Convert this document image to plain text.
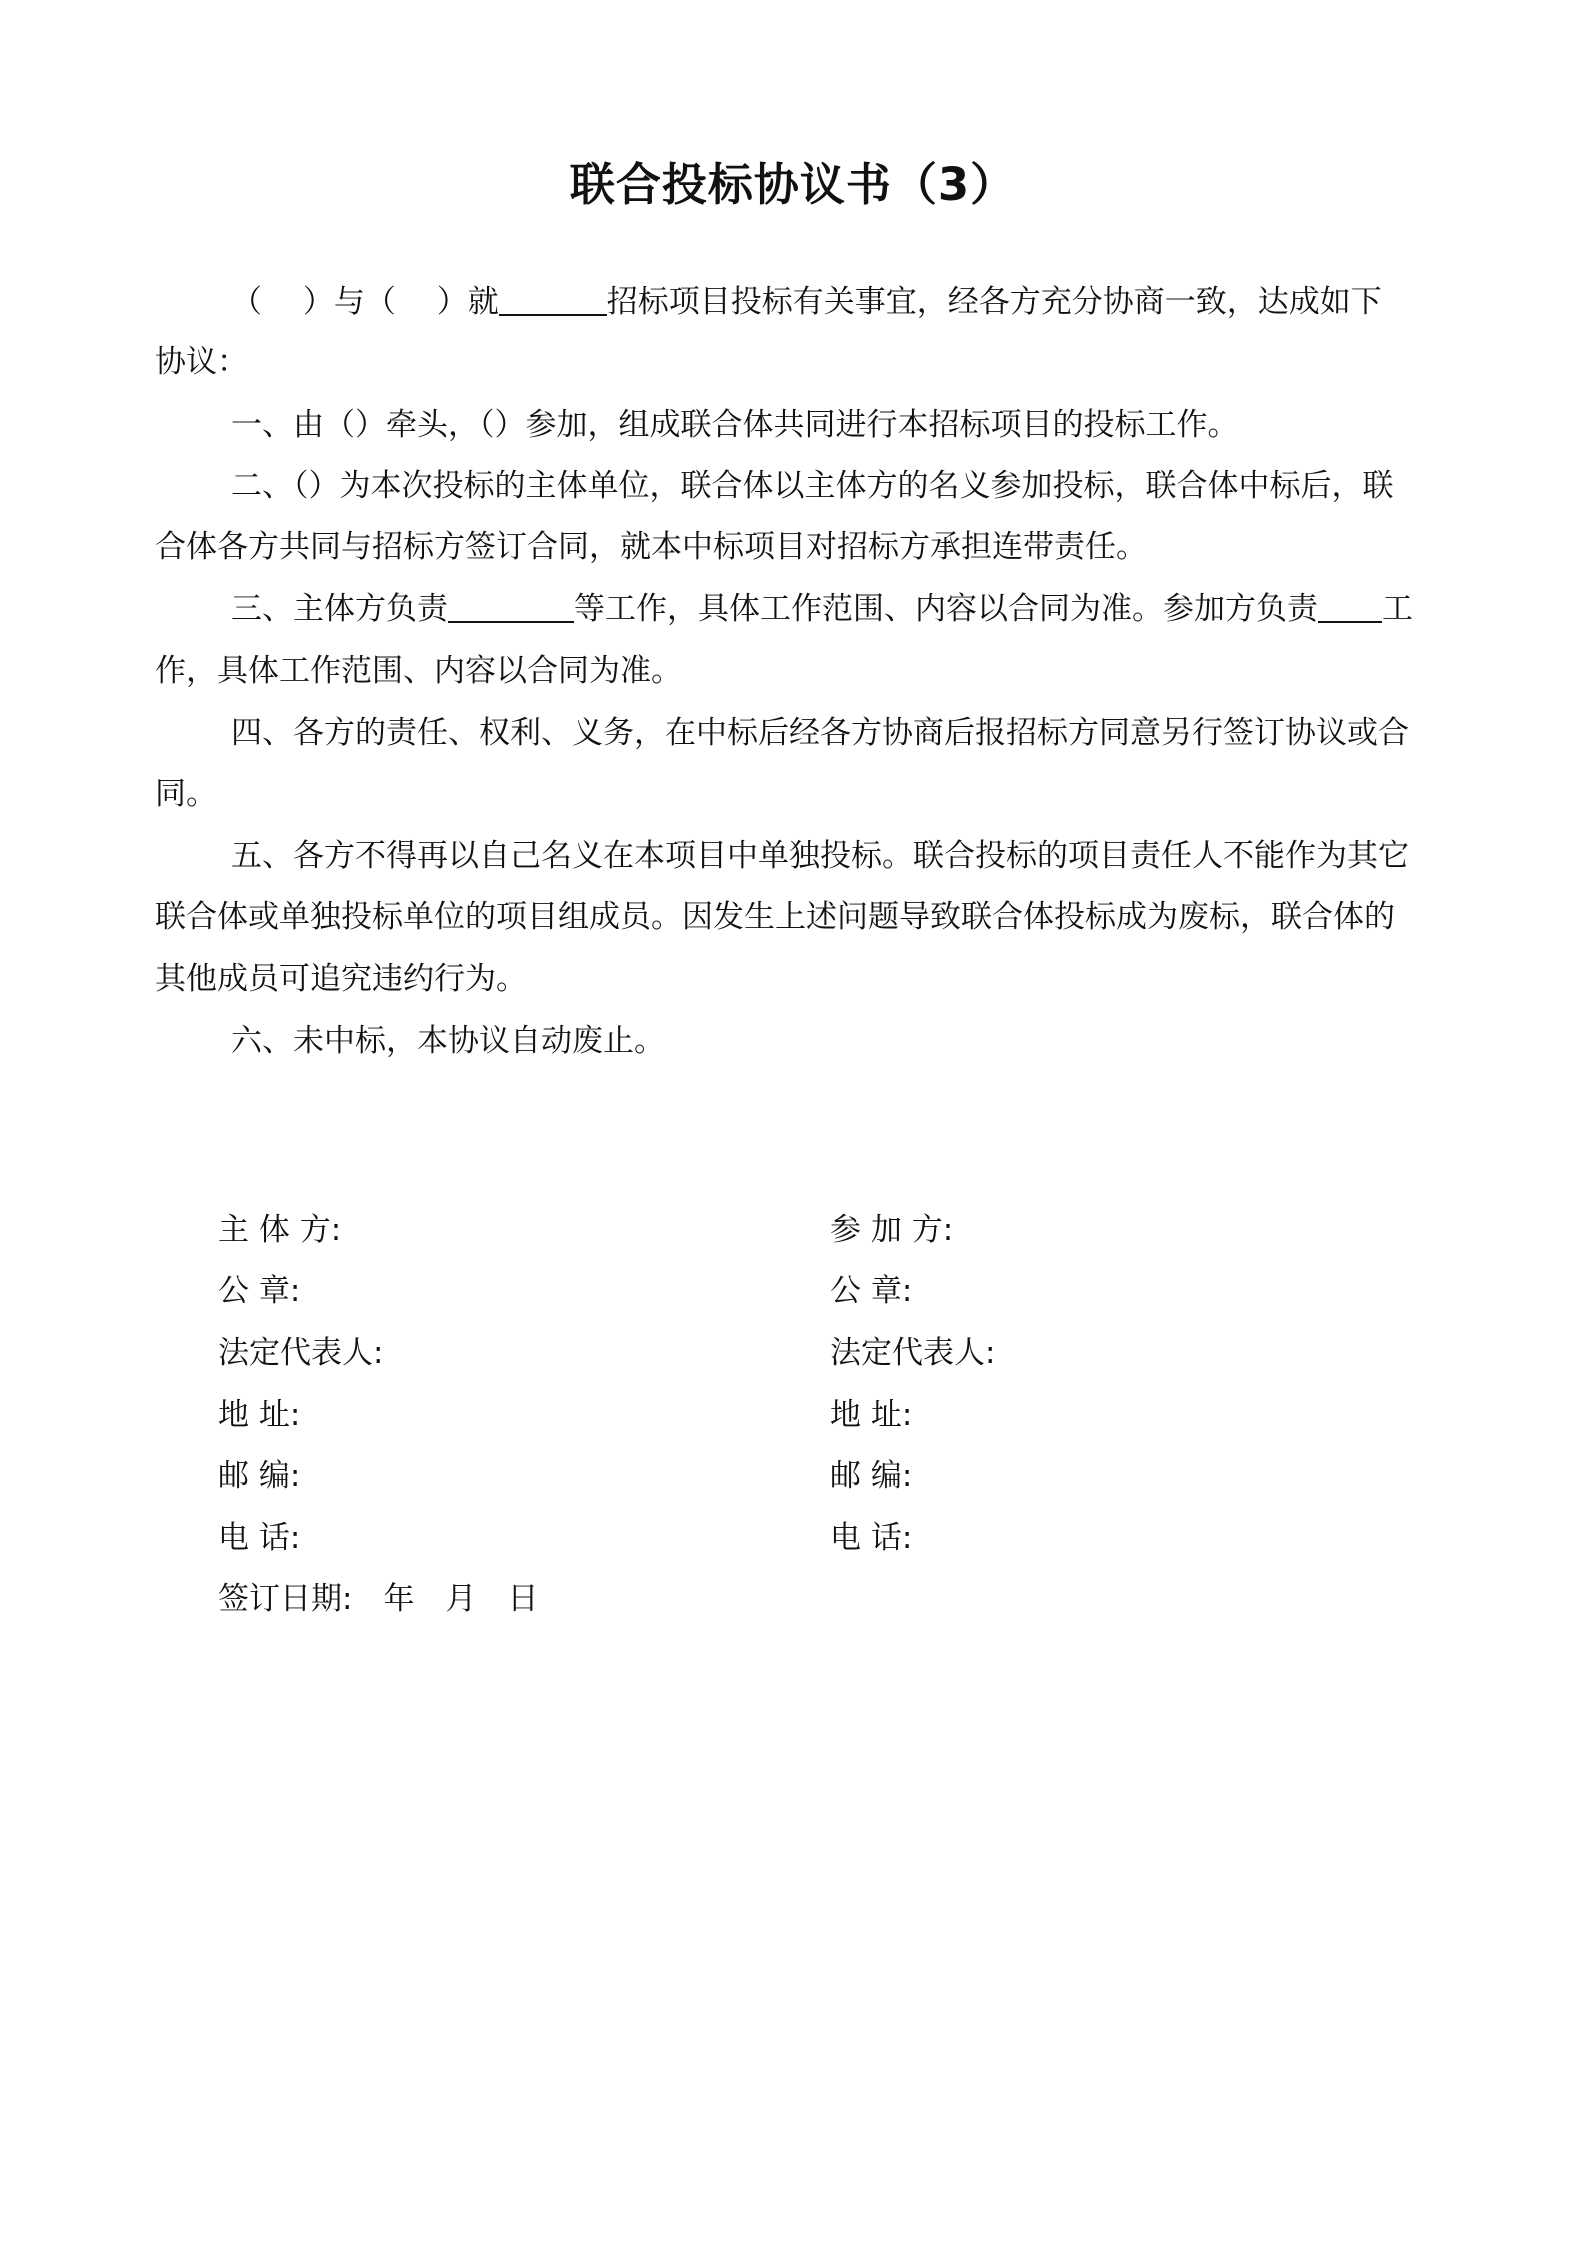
联合投标协议书（3）
（　 ）与（　 ）就	招标项目投标有关事宜，经各方充分协商一致，达成如下
协议：
一、由（）牵头，（）参加，组成联合体共同进行本招标项目的投标工作。
二、（）为本次投标的主体单位，联合体以主体方的名义参加投标，联合体中标后，联
合体各方共同与招标方签订合同，就本中标项目对招标方承担连带责任。
三、主体方负责	等工作，具体工作范围、内容以合同为准。参加方负责 工
作，具体工作范围、内容以合同为准。
四、各方的责任、权利、义务，在中标后经各方协商后报招标方同意另行签订协议或合
同。
五、各方不得再以自己名义在本项目中单独投标。联合投标的项目责任人不能作为其它
联合体或单独投标单位的项目组成员。因发生上述问题导致联合体投标成为废标，联合体的
其他成员可追究违约行为。
六、未中标，本协议自动废止。
主 体 方:
公 章:
法定代表人:
地 址:
邮 编:
电 话:
签订日期:　年　月　日
参 加 方:
公 章:
法定代表人:
地 址:
邮 编:
电 话:
